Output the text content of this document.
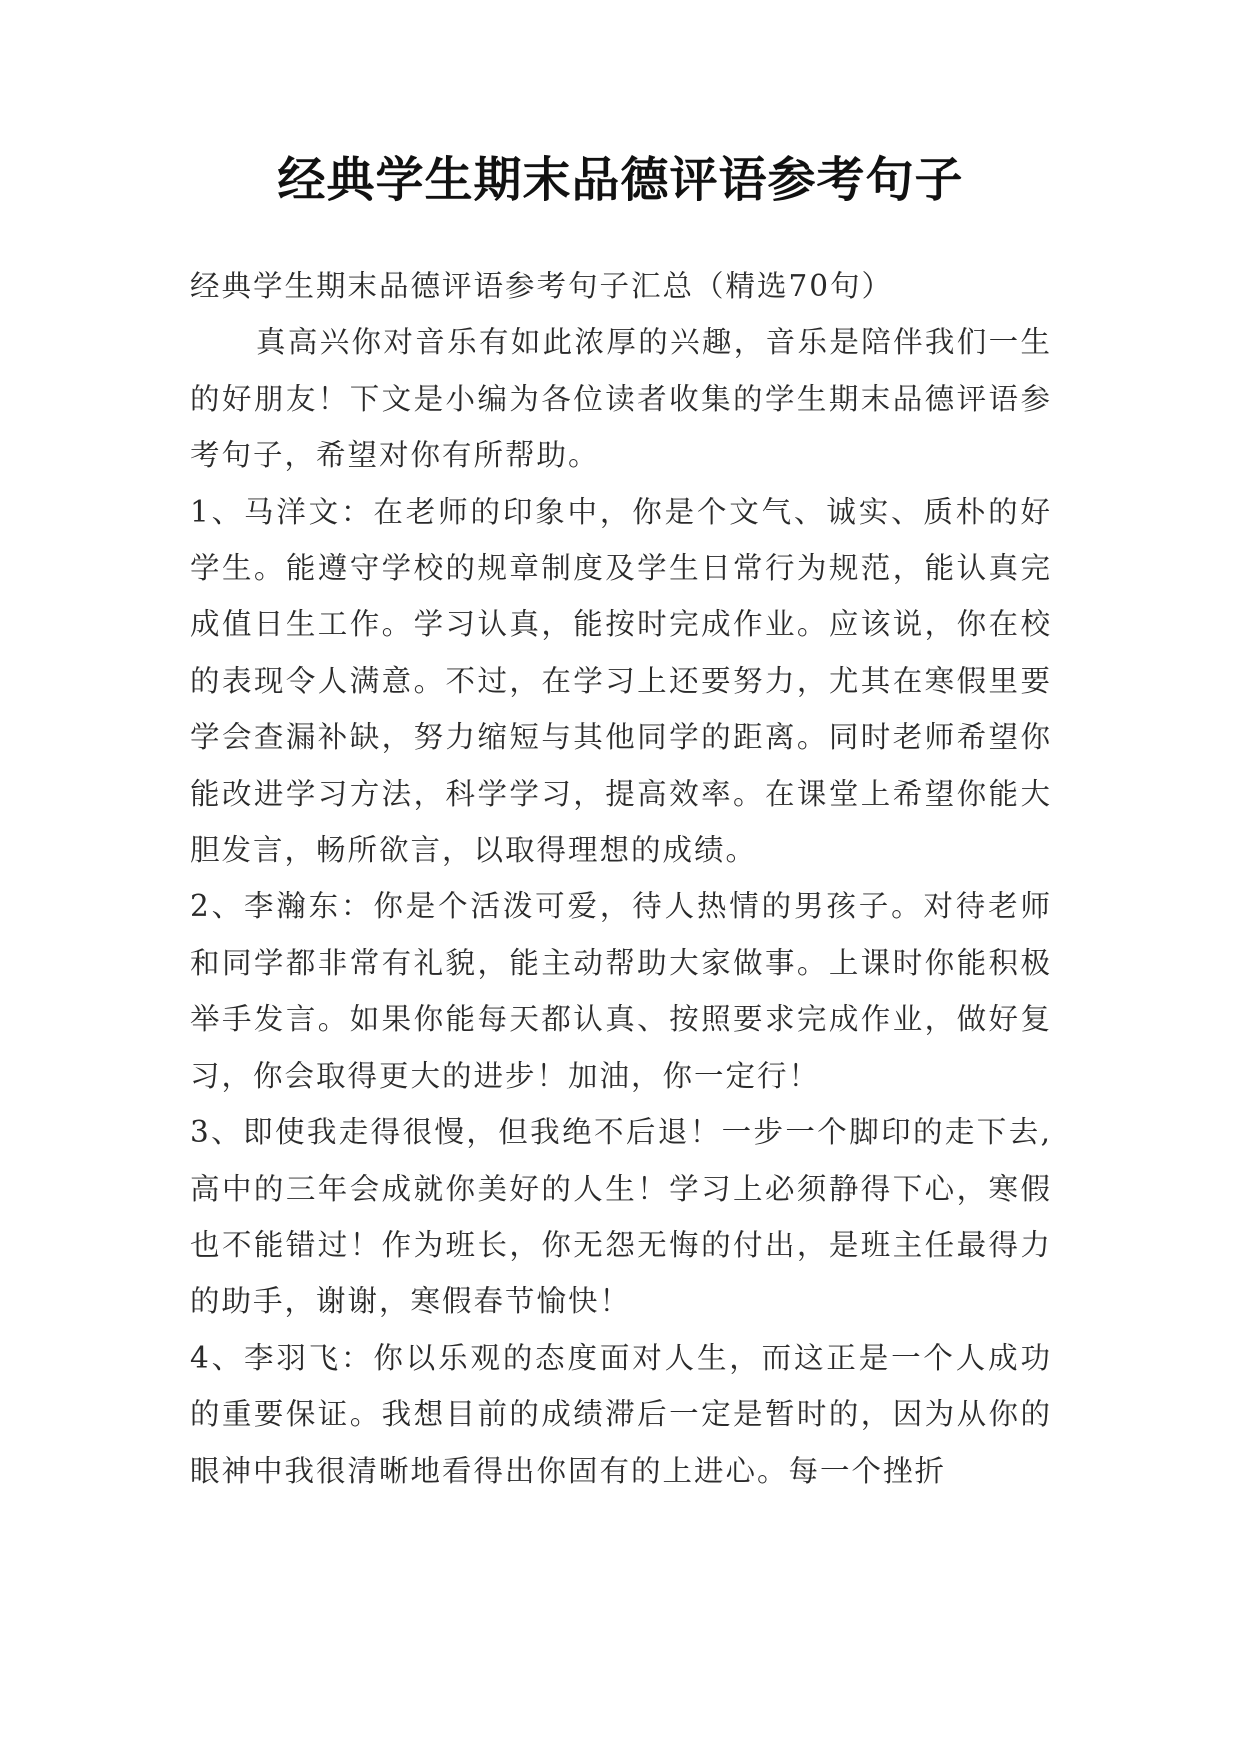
经典学生期末品德评语参考句子

经典学生期末品德评语参考句子汇总（精选70句）

真高兴你对音乐有如此浓厚的兴趣，音乐是陪伴我们一生的好朋友！下文是小编为各位读者收集的学生期末品德评语参考句子，希望对你有所帮助。

1、马洋文：在老师的印象中，你是个文气、诚实、质朴的好学生。能遵守学校的规章制度及学生日常行为规范，能认真完成值日生工作。学习认真，能按时完成作业。应该说，你在校的表现令人满意。不过，在学习上还要努力，尤其在寒假里要学会查漏补缺，努力缩短与其他同学的距离。同时老师希望你能改进学习方法，科学学习，提高效率。在课堂上希望你能大胆发言，畅所欲言，以取得理想的成绩。

2、李瀚东：你是个活泼可爱，待人热情的男孩子。对待老师和同学都非常有礼貌，能主动帮助大家做事。上课时你能积极举手发言。如果你能每天都认真、按照要求完成作业，做好复习，你会取得更大的进步！加油，你一定行！

3、即使我走得很慢，但我绝不后退！一步一个脚印的走下去,高中的三年会成就你美好的人生！学习上必须静得下心，寒假也不能错过！作为班长，你无怨无悔的付出，是班主任最得力的助手，谢谢，寒假春节愉快！

4、李羽飞：你以乐观的态度面对人生，而这正是一个人成功的重要保证。我想目前的成绩滞后一定是暂时的，因为从你的眼神中我很清晰地看得出你固有的上进心。每一个挫折
